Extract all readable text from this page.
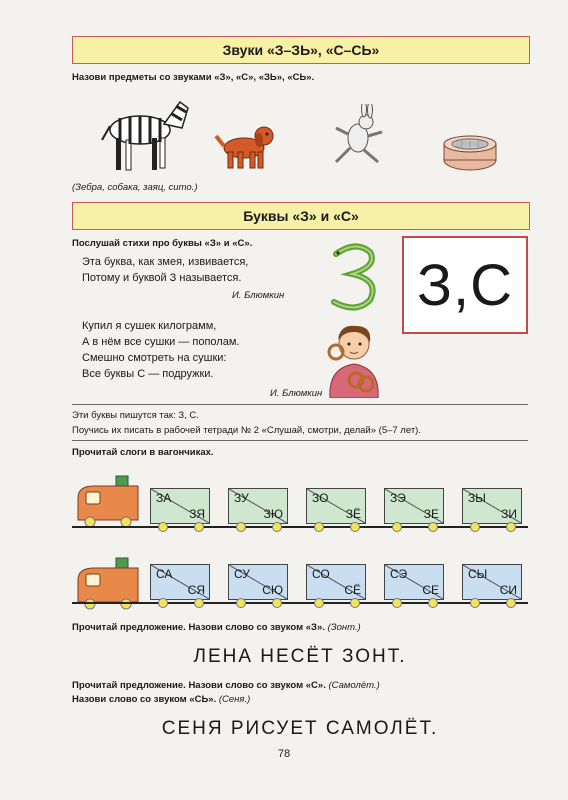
Звуки «З–ЗЬ», «С–СЬ»
Назови предметы со звуками «З», «С», «ЗЬ», «СЬ».
(Зебра, собака, заяц, сито.)
Буквы «З» и «С»
Послушай стихи про буквы «З» и «С».
Эта буква, как змея, извивается,
Потому и буквой З называется.
И. Блюмкин З,С
Купил я сушек килограмм,
А в нём все сушки — пополам.
Смешно смотреть на сушки:
Все буквы С — подружки.
И. Блюмкин
Эти буквы пишутся так: З, С.
Поучись их писать в рабочей тетради № 2 «Слушай, смотри, делай» (5–7 лет).
Прочитай слоги в вагончиках.
ЗА
ЗЯ
ЗУ
ЗЮ
ЗО
ЗЁ
ЗЭ
ЗЕ
ЗЫ
ЗИ
СА
СЯ
СУ
СЮ
СО
СЁ
СЭ
СЕ
СЫ
СИ
Прочитай предложение. Назови слово со звуком «З». (Зонт.)
ЛЕНА НЕСЁТ ЗОНТ.
Прочитай предложение. Назови слово со звуком «С». (Самолёт.)
Назови слово со звуком «СЬ». (Сеня.)
СЕНЯ РИСУЕТ САМОЛЁТ.
78
